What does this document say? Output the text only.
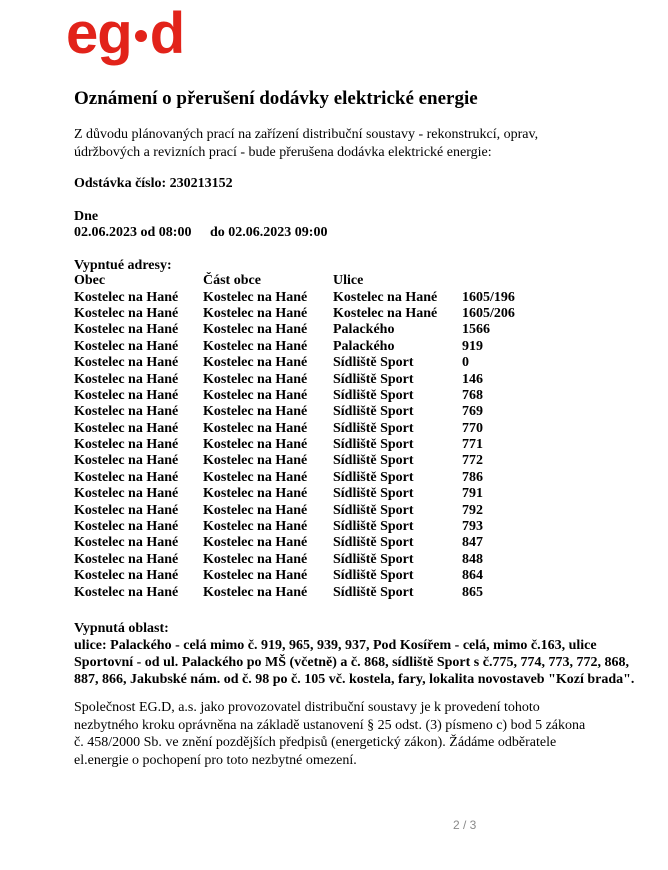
eg d
Oznámení o přerušení dodávky elektrické energie
Z důvodu plánovaných prací na zařízení distribuční soustavy - rekonstrukcí, oprav, údržbových a revizních prací - bude přerušena dodávka elektrické energie:
Odstávka číslo: 230213152
Dne
02.06.2023 od 08:00 do 02.06.2023 09:00
Vypntué adresy:
Obec	Část obce	Ulice	
Kostelec na Hané	Kostelec na Hané	Kostelec na Hané	1605/196
Kostelec na Hané	Kostelec na Hané	Kostelec na Hané	1605/206
Kostelec na Hané	Kostelec na Hané	Palackého	1566
Kostelec na Hané	Kostelec na Hané	Palackého	919
Kostelec na Hané	Kostelec na Hané	Sídliště Sport	0
Kostelec na Hané	Kostelec na Hané	Sídliště Sport	146
Kostelec na Hané	Kostelec na Hané	Sídliště Sport	768
Kostelec na Hané	Kostelec na Hané	Sídliště Sport	769
Kostelec na Hané	Kostelec na Hané	Sídliště Sport	770
Kostelec na Hané	Kostelec na Hané	Sídliště Sport	771
Kostelec na Hané	Kostelec na Hané	Sídliště Sport	772
Kostelec na Hané	Kostelec na Hané	Sídliště Sport	786
Kostelec na Hané	Kostelec na Hané	Sídliště Sport	791
Kostelec na Hané	Kostelec na Hané	Sídliště Sport	792
Kostelec na Hané	Kostelec na Hané	Sídliště Sport	793
Kostelec na Hané	Kostelec na Hané	Sídliště Sport	847
Kostelec na Hané	Kostelec na Hané	Sídliště Sport	848
Kostelec na Hané	Kostelec na Hané	Sídliště Sport	864
Kostelec na Hané	Kostelec na Hané	Sídliště Sport	865
Vypnutá oblast:
ulice: Palackého - celá mimo č. 919, 965, 939, 937, Pod Kosířem - celá, mimo č.163, ulice Sportovní - od ul. Palackého po MŠ (včetně) a č. 868, sídliště Sport s č.775, 774, 773, 772, 868, 887, 866, Jakubské nám. od č. 98 po č. 105 vč. kostela, fary, lokalita novostaveb "Kozí brada".
Společnost EG.D, a.s. jako provozovatel distribuční soustavy je k provedení tohoto nezbytného kroku oprávněna na základě ustanovení § 25 odst. (3) písmeno c) bod 5 zákona č. 458/2000 Sb. ve znění pozdějších předpisů (energetický zákon). Žádáme odběratele el.energie o pochopení pro toto nezbytné omezení.
2 / 3
